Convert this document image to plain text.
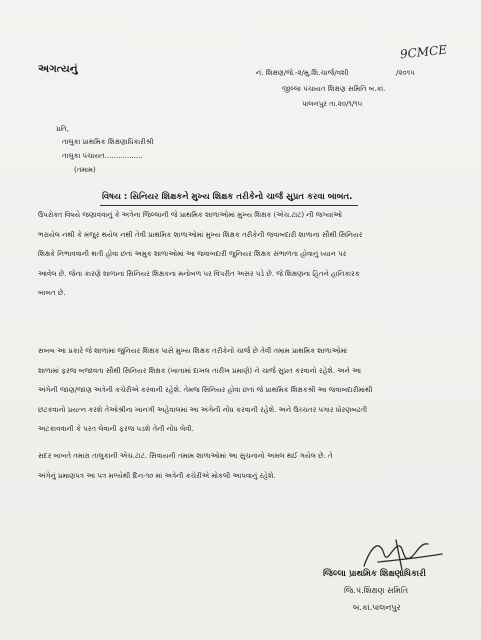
અગત્યનું
9CMCE
નં. શિક્ષણ/જે.-૨/મુ.શિ.ચાર્જ/વશી	/૨૦૧૫
જીલ્લા પંચાયત શિક્ષણ સમિતિ બ.કાં.
પાલનપુર તા.૨૦/૧/૧૫
પ્રતિ,
તાલુકા પ્રાથમિક શિક્ષણાધિકારીશ્રી
તાલુકા પંચાયત.................
(તમામ)
વિષય : સિનિયર શિક્ષકને મુખ્ય શિક્ષક તરીકેનો ચાર્જ સુપ્રત કરવા બાબત.
ઉપરોક્ત વિષયે જણાવવાનું કે અત્રેના જિલ્લાની જે પ્રાથમિક શાળાઓમાં મુખ્ય શિક્ષક (એચ.ટાટ) ની જગ્યાઓ
ભરાયેલ નથી કે મંજુર થયેલ નથી તેવી પ્રાથમિક શાળાઓમાં મુખ્ય શિક્ષક તરીકેની જવાબદારી શાળાના સૌથી સિનિયર
શિક્ષકે નિભાવવાની થતી હોવા છતાં અમુક શાળાઓમાં આ જવાબદારી જુનિયર શિક્ષક સંભાળતા હોવાનું ધ્યાન પર
આવેલ છે. જેના કારણે શાળાના સિનિયર શિક્ષકના મનોબળ પર વિપરીત અસર પડે છે. જે શિક્ષણના હિતને હાનિકારક
બાબત છે.
સબબ આ પ્રકારે જે શાળામાં જુનિયર શિક્ષક પાસે મુખ્ય શિક્ષક તરીકેનો ચાર્જ છે તેવી તમામ પ્રાથમિક શાળાઓમાં
શાળામાં ફરજ બજાવતા સૌથી સિનિયર શિક્ષક (ખાતામાં દાખલ તારીખ પ્રમાણે) ને ચાર્જ સુપ્રત કરવાનો રહેશે. અને આ
અંગેની જાણ/જાણ અત્રેની કચેરીએ કરવાની રહેશે. તેમજ સિનિયર હોવા છતાં જે પ્રાથમિક શિક્ષકશ્રી આ જવાબદારીમાંથી
છટકવાનો પ્રયત્ન કરશે તેઓશ્રીના ખાનગી અહેવાલમાં આ અંગેની નોંધ કરવાની રહેશે. અને ઉચ્ચતર પગાર ધોરણબઢતી
અટકાવવાની કે પરત લેવાની ફરજ પડશે તેની નોંધ લેવી.
સદર બાબતે તમારા તાલુકાની એચ.ટાટ. સિવાયની તમામ શાળાઓમાં આ સુચનાનો અમલ થઈ ગયેલ છે. તે
અંગેનું પ્રમાણપત્ર આ પત્ર મળ્યેથી દિન-૧૦ માં અત્રેની કચેરીએ મોકલી આપવાનું રહેશે.
જિલ્લા પ્રાથમિક શિક્ષણાધિકારી
જિ.પં.શિક્ષણ સમિતિ
બ.કાં.પાલનપુર
